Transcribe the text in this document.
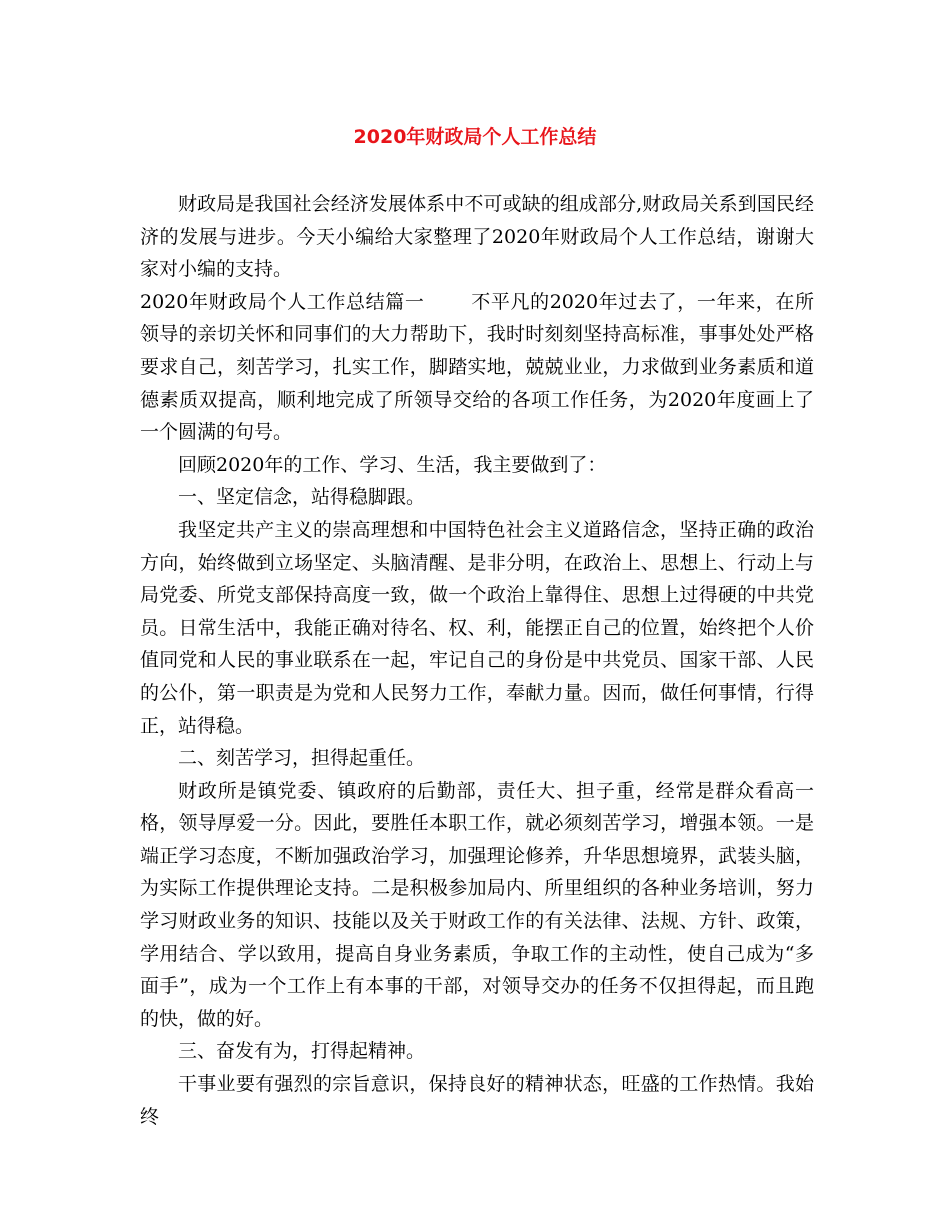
2020年财政局个人工作总结

财政局是我国社会经济发展体系中不可或缺的组成部分,财政局关系到国民经济的发展与进步。今天小编给大家整理了2020年财政局个人工作总结，谢谢大家对小编的支持。

2020年财政局个人工作总结篇一 不平凡的2020年过去了，一年来，在所领导的亲切关怀和同事们的大力帮助下，我时时刻刻坚持高标准，事事处处严格要求自己，刻苦学习，扎实工作，脚踏实地，兢兢业业，力求做到业务素质和道德素质双提高，顺利地完成了所领导交给的各项工作任务，为2020年度画上了一个圆满的句号。

回顾2020年的工作、学习、生活，我主要做到了：

一、坚定信念，站得稳脚跟。

我坚定共产主义的崇高理想和中国特色社会主义道路信念，坚持正确的政治方向，始终做到立场坚定、头脑清醒、是非分明，在政治上、思想上、行动上与局党委、所党支部保持高度一致，做一个政治上靠得住、思想上过得硬的中共党员。日常生活中，我能正确对待名、权、利，能摆正自己的位置，始终把个人价值同党和人民的事业联系在一起，牢记自己的身份是中共党员、国家干部、人民的公仆，第一职责是为党和人民努力工作，奉献力量。因而，做任何事情，行得正，站得稳。

二、刻苦学习，担得起重任。

财政所是镇党委、镇政府的后勤部，责任大、担子重，经常是群众看高一格，领导厚爱一分。因此，要胜任本职工作，就必须刻苦学习，增强本领。一是端正学习态度，不断加强政治学习，加强理论修养，升华思想境界，武装头脑，为实际工作提供理论支持。二是积极参加局内、所里组织的各种业务培训，努力学习财政业务的知识、技能以及关于财政工作的有关法律、法规、方针、政策，学用结合、学以致用，提高自身业务素质，争取工作的主动性，使自己成为“多面手”，成为一个工作上有本事的干部，对领导交办的任务不仅担得起，而且跑的快，做的好。

三、奋发有为，打得起精神。

干事业要有强烈的宗旨意识，保持良好的精神状态，旺盛的工作热情。我始终
